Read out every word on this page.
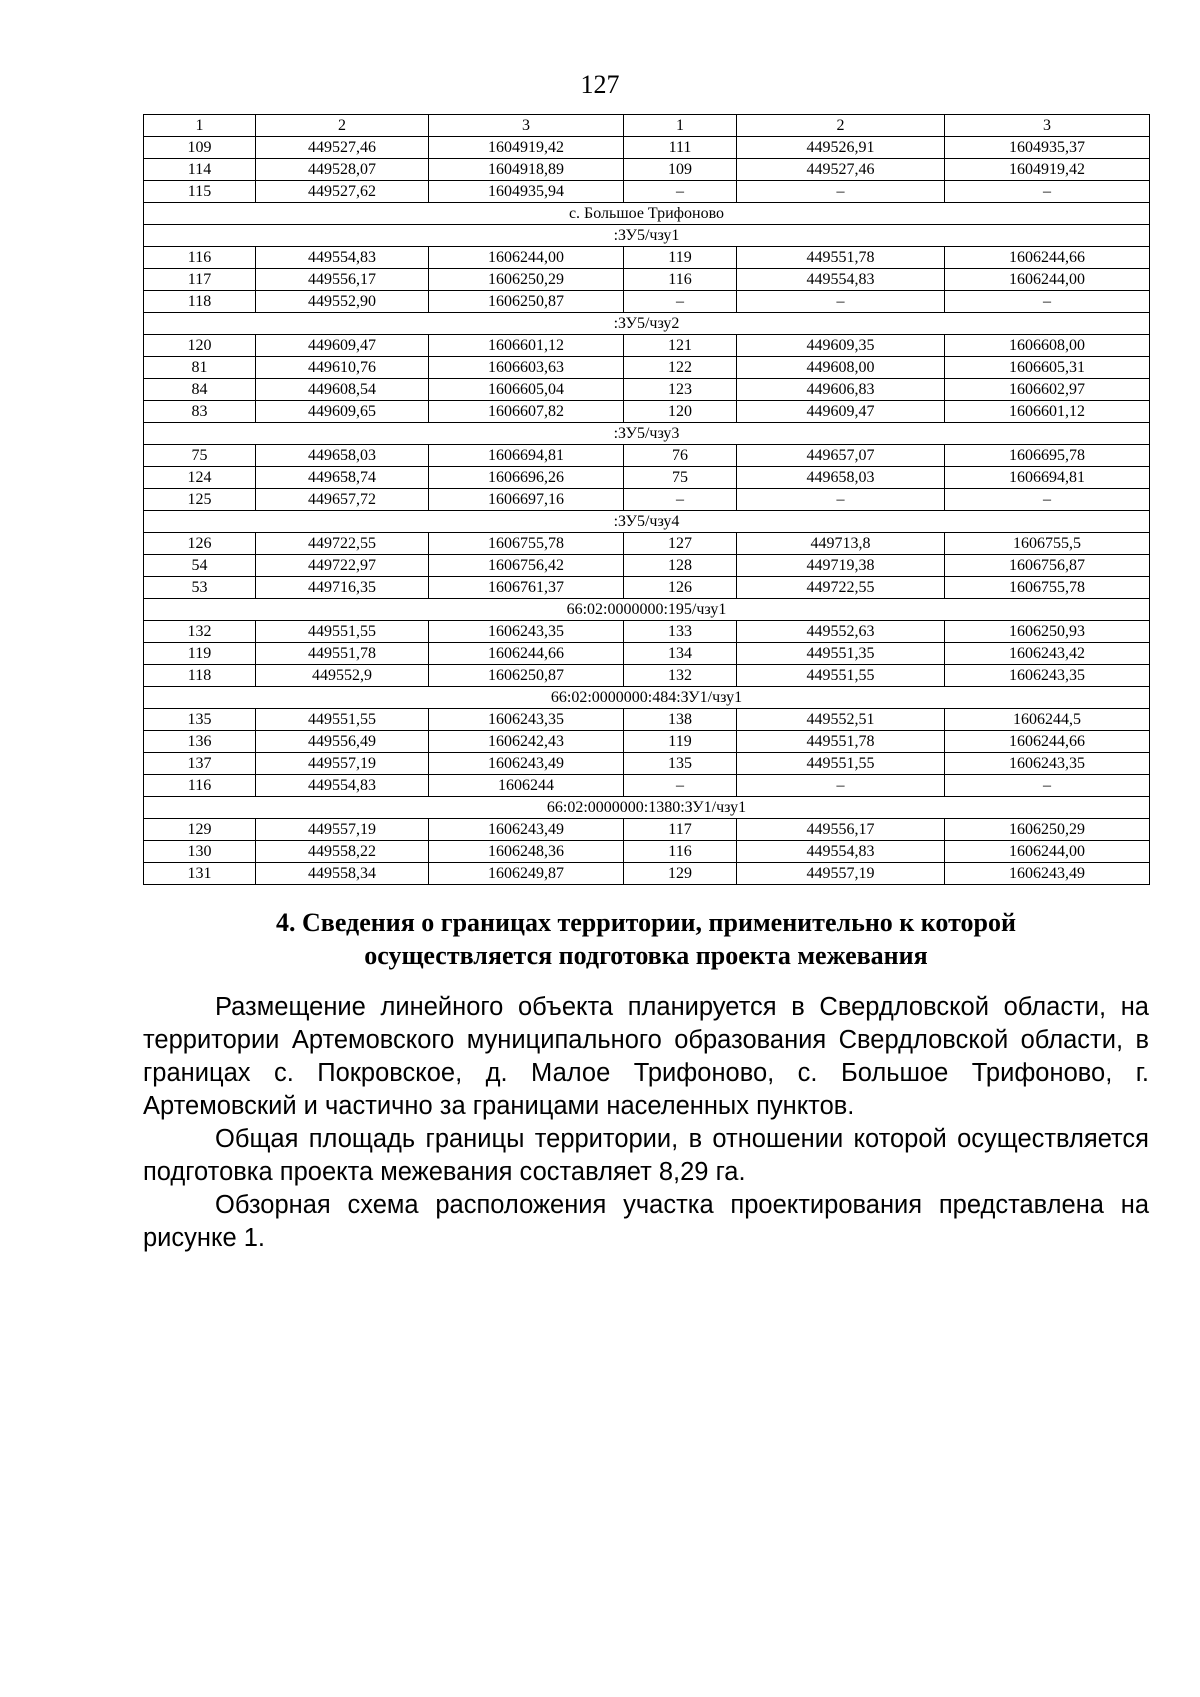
127
1	2	3	1	2	3
109	449527,46	1604919,42	111	449526,91	1604935,37
114	449528,07	1604918,89	109	449527,46	1604919,42
115	449527,62	1604935,94	–	–	–
с. Большое Трифоново					
:ЗУ5/чзу1					
116	449554,83	1606244,00	119	449551,78	1606244,66
117	449556,17	1606250,29	116	449554,83	1606244,00
118	449552,90	1606250,87	–	–	–
:ЗУ5/чзу2					
120	449609,47	1606601,12	121	449609,35	1606608,00
81	449610,76	1606603,63	122	449608,00	1606605,31
84	449608,54	1606605,04	123	449606,83	1606602,97
83	449609,65	1606607,82	120	449609,47	1606601,12
:ЗУ5/чзу3					
75	449658,03	1606694,81	76	449657,07	1606695,78
124	449658,74	1606696,26	75	449658,03	1606694,81
125	449657,72	1606697,16	–	–	–
:ЗУ5/чзу4					
126	449722,55	1606755,78	127	449713,8	1606755,5
54	449722,97	1606756,42	128	449719,38	1606756,87
53	449716,35	1606761,37	126	449722,55	1606755,78
66:02:0000000:195/чзу1					
132	449551,55	1606243,35	133	449552,63	1606250,93
119	449551,78	1606244,66	134	449551,35	1606243,42
118	449552,9	1606250,87	132	449551,55	1606243,35
66:02:0000000:484:ЗУ1/чзу1					
135	449551,55	1606243,35	138	449552,51	1606244,5
136	449556,49	1606242,43	119	449551,78	1606244,66
137	449557,19	1606243,49	135	449551,55	1606243,35
116	449554,83	1606244	–	–	–
66:02:0000000:1380:ЗУ1/чзу1					
129	449557,19	1606243,49	117	449556,17	1606250,29
130	449558,22	1606248,36	116	449554,83	1606244,00
131	449558,34	1606249,87	129	449557,19	1606243,49
4. Сведения о границах территории, применительно к которой
осуществляется подготовка проекта межевания

Размещение линейного объекта планируется в Свердловской области, на территории Артемовского муниципального образования Свердловской области, в границах с. Покровское, д. Малое Трифоново, с. Большое Трифоново, г. Артемовский и частично за границами населенных пунктов.

Общая площадь границы территории, в отношении которой осуществляется подготовка проекта межевания составляет 8,29 га.

Обзорная схема расположения участка проектирования представлена на рисунке 1.
